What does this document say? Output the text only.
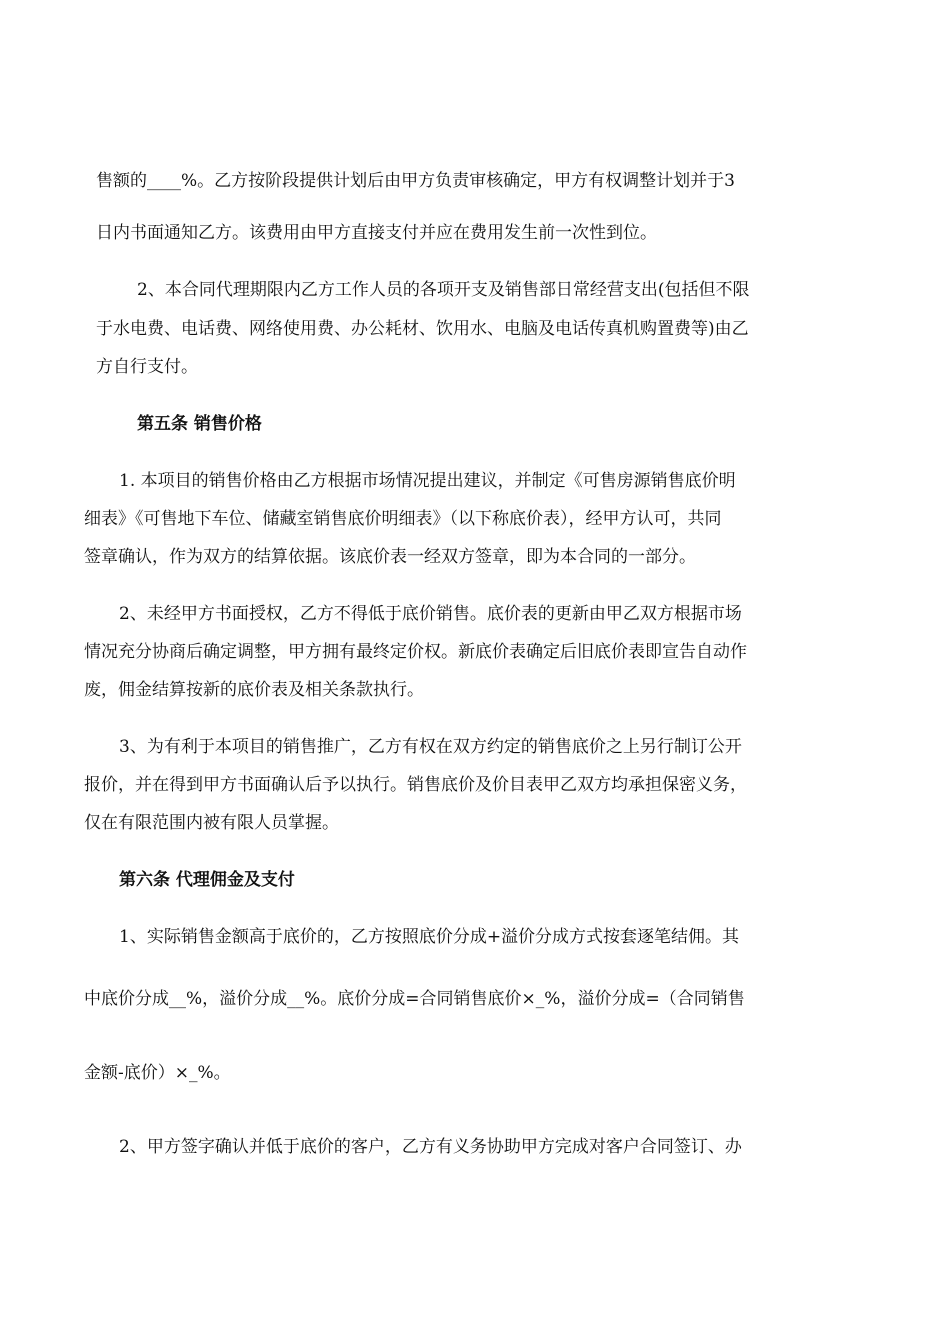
售额的____%。乙方按阶段提供计划后由甲方负责审核确定，甲方有权调整计划并于3
日内书面通知乙方。该费用由甲方直接支付并应在费用发生前一次性到位。
2、本合同代理期限内乙方工作人员的各项开支及销售部日常经营支出(包括但不限
于水电费、电话费、网络使用费、办公耗材、饮用水、电脑及电话传真机购置费等)由乙
方自行支付。
第五条 销售价格
1. 本项目的销售价格由乙方根据市场情况提出建议，并制定《可售房源销售底价明
细表》《可售地下车位、储藏室销售底价明细表》（以下称底价表），经甲方认可，共同
签章确认，作为双方的结算依据。该底价表一经双方签章，即为本合同的一部分。
2、未经甲方书面授权，乙方不得低于底价销售。底价表的更新由甲乙双方根据市场
情况充分协商后确定调整，甲方拥有最终定价权。新底价表确定后旧底价表即宣告自动作
废，佣金结算按新的底价表及相关条款执行。
3、为有利于本项目的销售推广，乙方有权在双方约定的销售底价之上另行制订公开
报价，并在得到甲方书面确认后予以执行。销售底价及价目表甲乙双方均承担保密义务，
仅在有限范围内被有限人员掌握。
第六条 代理佣金及支付
1、实际销售金额高于底价的，乙方按照底价分成+溢价分成方式按套逐笔结佣。其
中底价分成__%，溢价分成__%。底价分成=合同销售底价×_%，溢价分成=（合同销售
金额-底价）×_%。
2、甲方签字确认并低于底价的客户，乙方有义务协助甲方完成对客户合同签订、办
